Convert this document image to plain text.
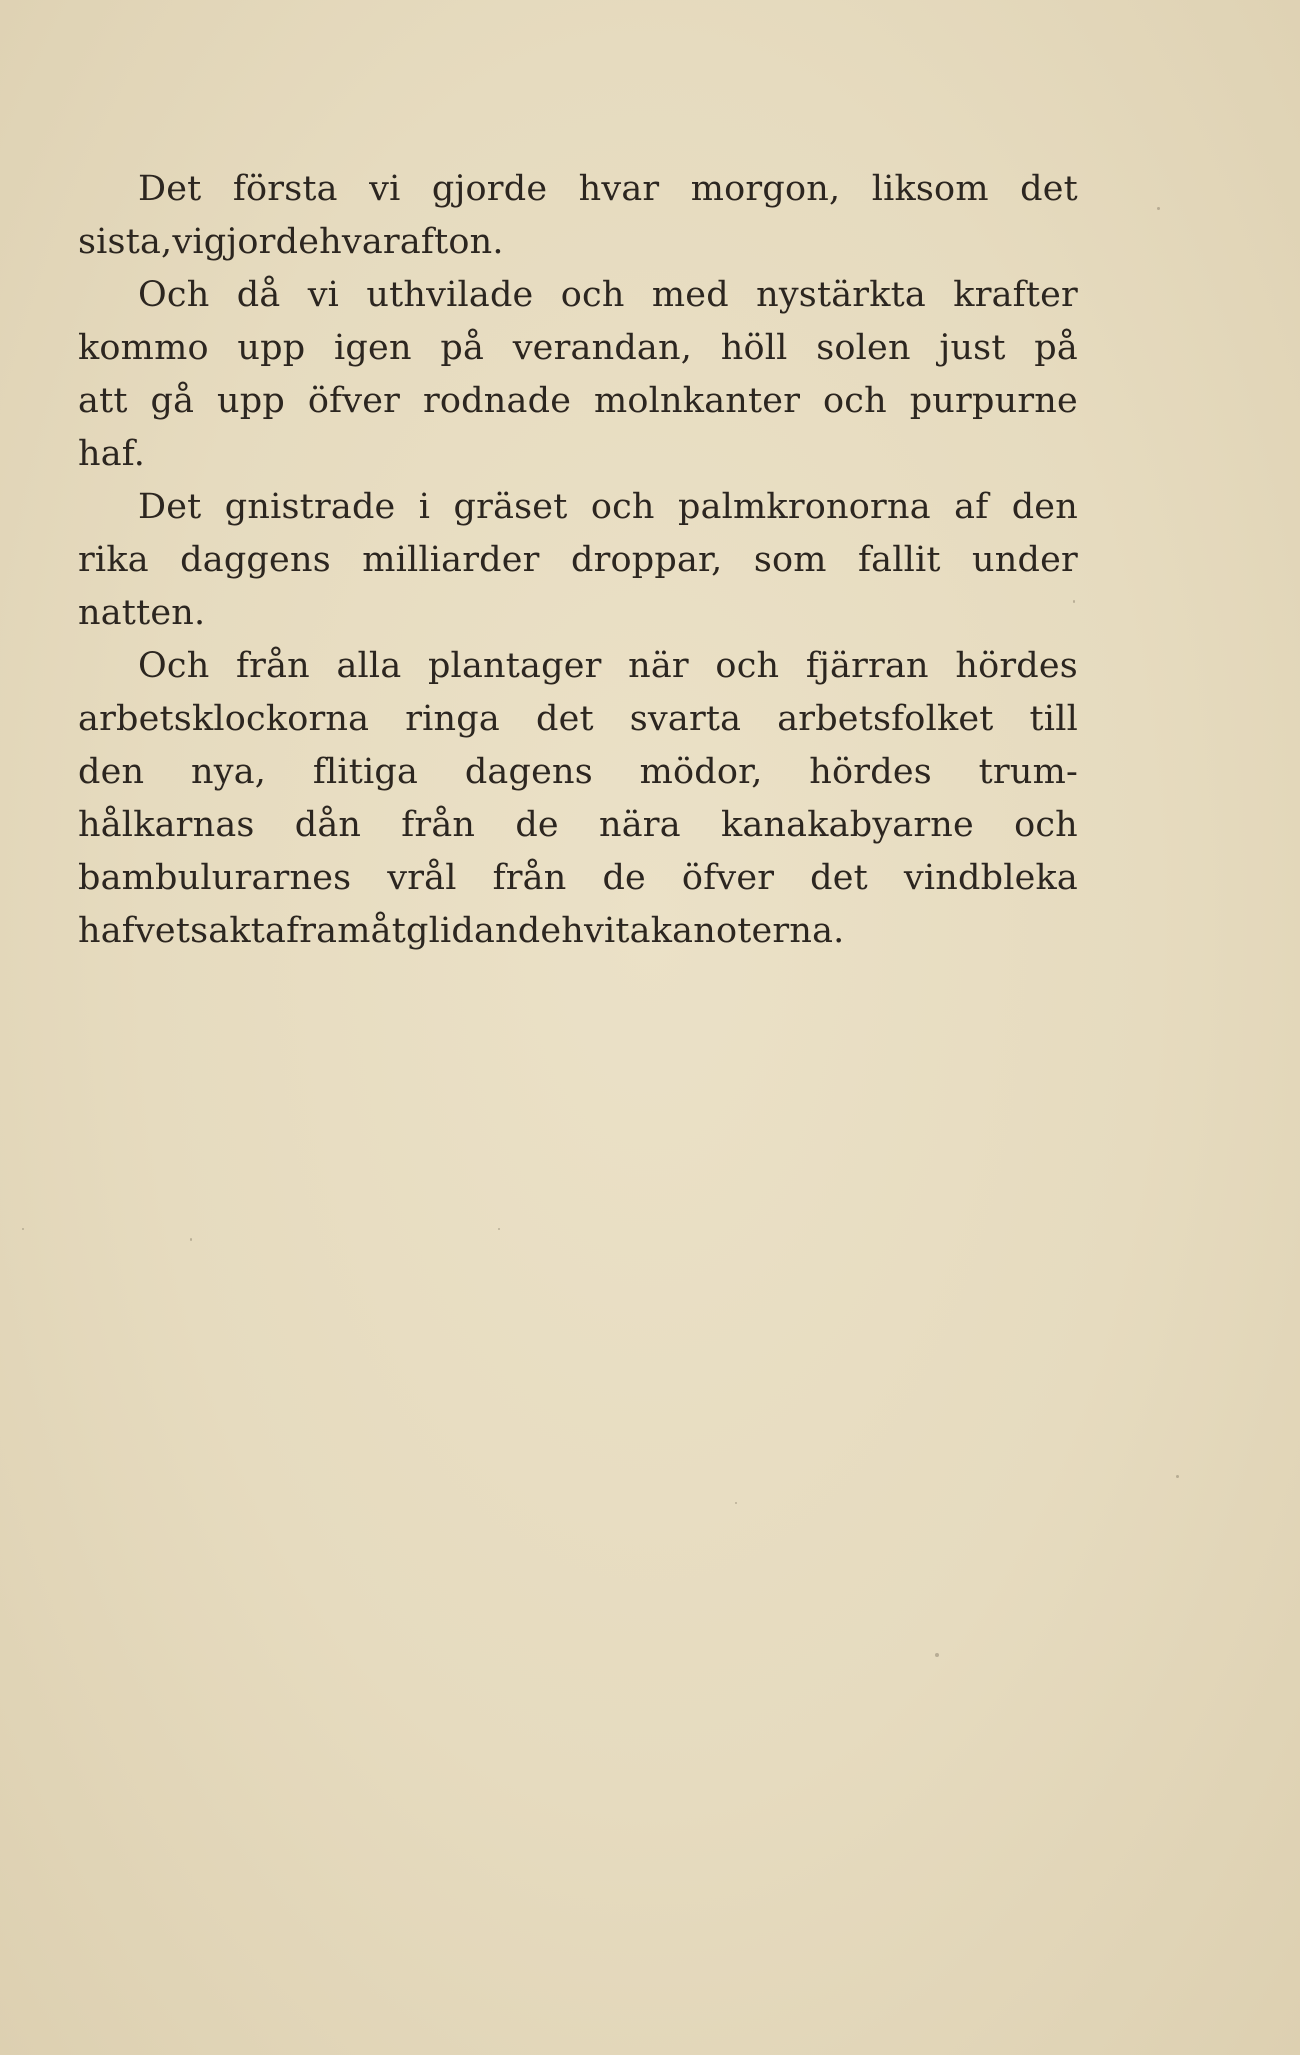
Det första vi gjorde hvar morgon, liksom det
sista, vi gjorde hvar afton.
Och då vi uthvilade och med nystärkta krafter
kommo upp igen på verandan, höll solen just på
att gå upp öfver rodnade molnkanter och purpurne
haf.
Det gnistrade i gräset och palmkronorna af den
rika daggens milliarder droppar, som fallit under
natten.
Och från alla plantager när och fjärran hördes
arbetsklockorna ringa det svarta arbetsfolket till
den nya, flitiga dagens mödor, hördes trum-
hålkarnas dån från de nära kanakabyarne och
bambulurarnes vrål från de öfver det vindbleka
hafvet sakta framåtglidande hvita kanoterna.
